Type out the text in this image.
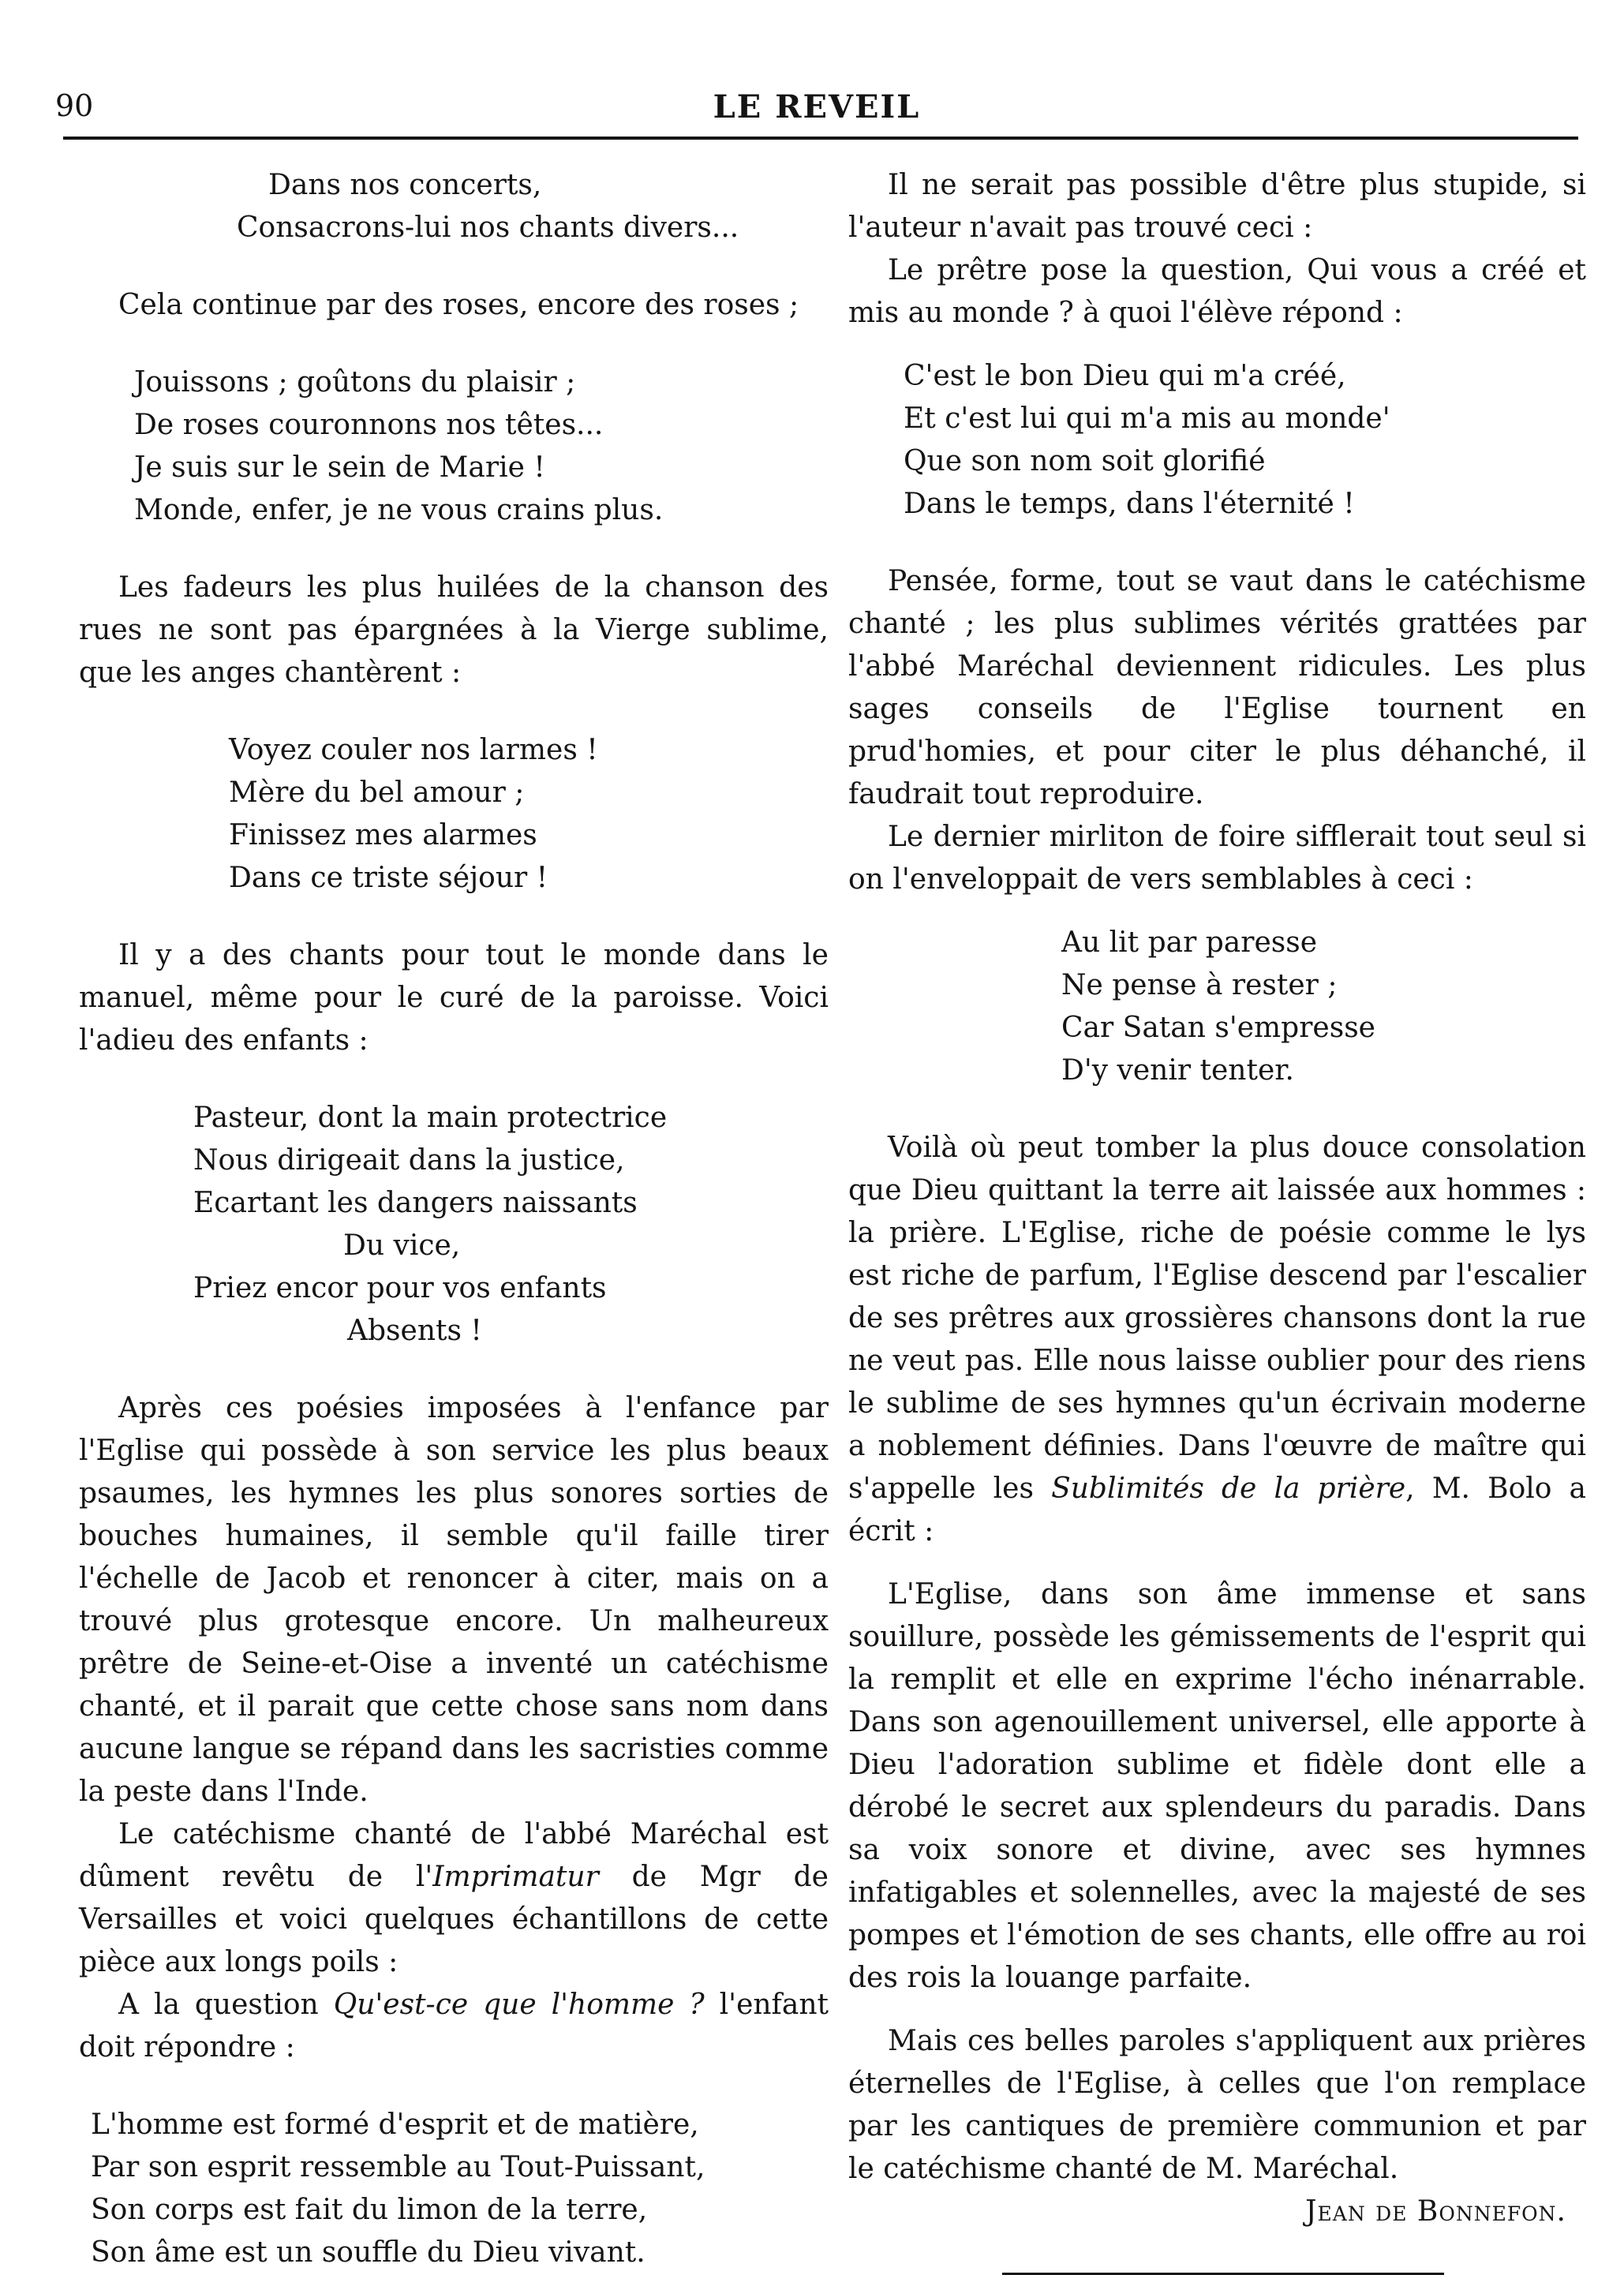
90	LE REVEIL
Dans nos concerts,
Consacrons-lui nos chants divers...

Cela continue par des roses, encore des roses ;

Jouissons ; goûtons du plaisir ;
De roses couronnons nos têtes...
Je suis sur le sein de Marie !
Monde, enfer, je ne vous crains plus.

Les fadeurs les plus huilées de la chanson des rues ne sont pas épargnées à la Vierge sublime, que les anges chantèrent :

Voyez couler nos larmes !
Mère du bel amour ;
Finissez mes alarmes
Dans ce triste séjour !

Il y a des chants pour tout le monde dans le manuel, même pour le curé de la paroisse. Voici l'adieu des enfants :

Pasteur, dont la main protectrice
Nous dirigeait dans la justice,
Ecartant les dangers naissants
Du vice,
Priez encor pour vos enfants
Absents !

Après ces poésies imposées à l'enfance par l'Eglise qui possède à son service les plus beaux psaumes, les hymnes les plus sonores sorties de bouches humaines, il semble qu'il faille tirer l'échelle de Jacob et renoncer à citer, mais on a trouvé plus grotesque encore. Un malheureux prêtre de Seine-et-Oise a inventé un catéchisme chanté, et il parait que cette chose sans nom dans aucune langue se répand dans les sacristies comme la peste dans l'Inde.

Le catéchisme chanté de l'abbé Maréchal est dûment revêtu de l'Imprimatur de Mgr de Versailles et voici quelques échantillons de cette pièce aux longs poils :

A la question Qu'est-ce que l'homme ? l'enfant doit répondre :

L'homme est formé d'esprit et de matière,
Par son esprit ressemble au Tout-Puissant,
Son corps est fait du limon de la terre,
Son âme est un souffle du Dieu vivant.

Il ne serait pas possible d'être plus stupide, si l'auteur n'avait pas trouvé ceci :

Le prêtre pose la question, Qui vous a créé et mis au monde ? à quoi l'élève répond :

C'est le bon Dieu qui m'a créé,
Et c'est lui qui m'a mis au monde'
Que son nom soit glorifié
Dans le temps, dans l'éternité !

Pensée, forme, tout se vaut dans le catéchisme chanté ; les plus sublimes vérités grattées par l'abbé Maréchal deviennent ridicules. Les plus sages conseils de l'Eglise tournent en prud'homies, et pour citer le plus déhanché, il faudrait tout reproduire.

Le dernier mirliton de foire sifflerait tout seul si on l'enveloppait de vers semblables à ceci :

Au lit par paresse
Ne pense à rester ;
Car Satan s'empresse
D'y venir tenter.

Voilà où peut tomber la plus douce consolation que Dieu quittant la terre ait laissée aux hommes : la prière. L'Eglise, riche de poésie comme le lys est riche de parfum, l'Eglise descend par l'escalier de ses prêtres aux grossières chansons dont la rue ne veut pas. Elle nous laisse oublier pour des riens le sublime de ses hymnes qu'un écrivain moderne a noblement définies. Dans l'œuvre de maître qui s'appelle les Sublimités de la prière, M. Bolo a écrit :

L'Eglise, dans son âme immense et sans souillure, possède les gémissements de l'esprit qui la remplit et elle en exprime l'écho inénarrable. Dans son agenouillement universel, elle apporte à Dieu l'adoration sublime et fidèle dont elle a dérobé le secret aux splendeurs du paradis. Dans sa voix sonore et divine, avec ses hymnes infatigables et solennelles, avec la majesté de ses pompes et l'émotion de ses chants, elle offre au roi des rois la louange parfaite.

Mais ces belles paroles s'appliquent aux prières éternelles de l'Eglise, à celles que l'on remplace par les cantiques de première communion et par le catéchisme chanté de M. Maréchal.

Jean de Bonnefon.
